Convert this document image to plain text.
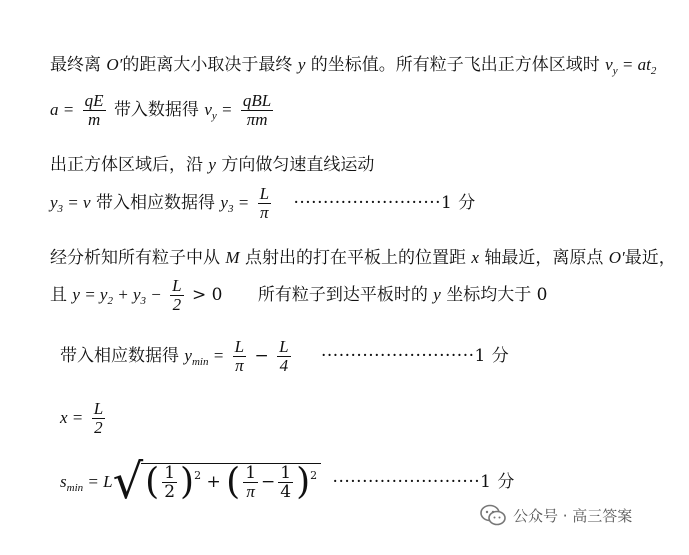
最终离 O′的距离大小取决于最终 y 的坐标值。所有粒子飞出正方体区域时 $v_y = at_2$
$a = \frac{qE}{m}$ 带入数据得 $v_y = \frac{\text{qBL}}{\pi m}$
出正方体区域后，沿 y 方向做匀速直线运动
$y_3 = v$ 带入相应数据得 $y_3 = \frac{L}{\pi} \cdot\cdot\cdot\cdot\cdot\cdot\cdot\cdot\cdot\cdot\cdot\cdot\cdot\cdot\cdot\cdot\cdot\cdot\cdot\cdot\cdot\cdot\cdot\cdot\cdot 1$ 分
经分析知所有粒子中从 M 点射出的打在平板上的位置距 x 轴最近，离原点 O′最近，
且 $y = y_2 + y_3 - \frac{L}{2} > 0$ 所有粒子到达平板时的 y 坐标均大于 0
带入相应数据得 $y_{min} = \frac{L}{\pi} - \frac{L}{4} \cdot\cdot\cdot\cdot\cdot\cdot\cdot\cdot\cdot\cdot\cdot\cdot\cdot\cdot\cdot\cdot\cdot\cdot\cdot\cdot\cdot\cdot\cdot\cdot\cdot\cdot 1$ 分
$x = \frac{L}{2}$
$s_{min} = L√( \frac{1}{2} )^2$ + ( $\frac{1}{\pi} - \frac{1}{4} )^2 \cdot\cdot\cdot\cdot\cdot\cdot\cdot\cdot\cdot\cdot\cdot\cdot\cdot\cdot\cdot\cdot\cdot\cdot\cdot\cdot\cdot\cdot\cdot\cdot\cdot 1$ 分
公众号 · 高三答案
